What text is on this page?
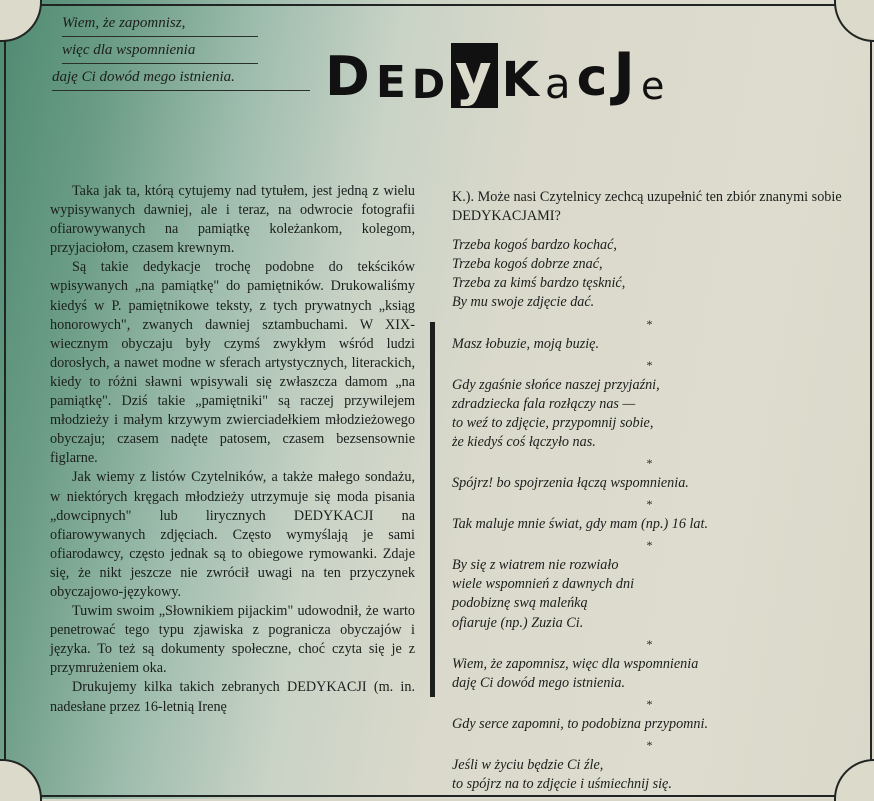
Wiem, że zapomnisz,
więc dla wspomnienia
daję Ci dowód mego istnienia.	D E D y K a c J e

Taka jak ta, którą cytujemy nad tytułem, jest jedną z wielu wypisywanych dawniej, ale i teraz, na odwrocie fotografii ofiarowywanych na pamiątkę koleżankom, kolegom, przyjaciołom, czasem krewnym.

Są takie dedykacje trochę podobne do tekścików wpisywanych „na pamiątkę" do pamiętników. Drukowaliśmy kiedyś w P. pamiętnikowe teksty, z tych prywatnych „ksiąg honorowych", zwanych dawniej sztambuchami. W XIX-wiecznym obyczaju były czymś zwykłym wśród ludzi dorosłych, a nawet modne w sferach artystycznych, literackich, kiedy to różni sławni wpisywali się zwłaszcza damom „na pamiątkę". Dziś takie „pamiętniki" są raczej przywilejem młodzieży i małym krzywym zwierciadełkiem młodzieżowego obyczaju; czasem nadęte patosem, czasem bezsensownie figlarne.

Jak wiemy z listów Czytelników, a także małego sondażu, w niektórych kręgach młodzieży utrzymuje się moda pisania „dowcipnych" lub lirycznych DEDYKACJI na ofiarowywanych zdjęciach. Często wymyślają je sami ofiarodawcy, często jednak są to obiegowe rymowanki. Zdaje się, że nikt jeszcze nie zwrócił uwagi na ten przyczynek obyczajowo-językowy.

Tuwim swoim „Słownikiem pijackim" udowodnił, że warto penetrować tego typu zjawiska z pogranicza obyczajów i języka. To też są dokumenty społeczne, choć czyta się je z przymrużeniem oka.

Drukujemy kilka takich zebranych DEDYKACJI (m. in. nadesłane przez 16-letnią Irenę

K.). Może nasi Czytelnicy zechcą uzupełnić ten zbiór znanymi sobie DEDYKACJAMI?

Trzeba kogoś bardzo kochać,
Trzeba kogoś dobrze znać,
Trzeba za kimś bardzo tęsknić,
By mu swoje zdjęcie dać.
*
Masz łobuzie, moją buzię.
*
Gdy zgaśnie słońce naszej przyjaźni,
zdradziecka fala rozłączy nas —
to weź to zdjęcie, przypomnij sobie,
że kiedyś coś łączyło nas.
*
Spójrz! bo spojrzenia łączą wspomnienia.
*
Tak maluje mnie świat, gdy mam (np.) 16 lat.
*
By się z wiatrem nie rozwiało
wiele wspomnień z dawnych dni
podobiznę swą maleńką
ofiaruje (np.) Zuzia Ci.
*
Wiem, że zapomnisz, więc dla wspomnienia
daję Ci dowód mego istnienia.
*
Gdy serce zapomni, to podobizna przypomni.
*
Jeśli w życiu będzie Ci źle,
to spójrz na to zdjęcie i uśmiechnij się.
